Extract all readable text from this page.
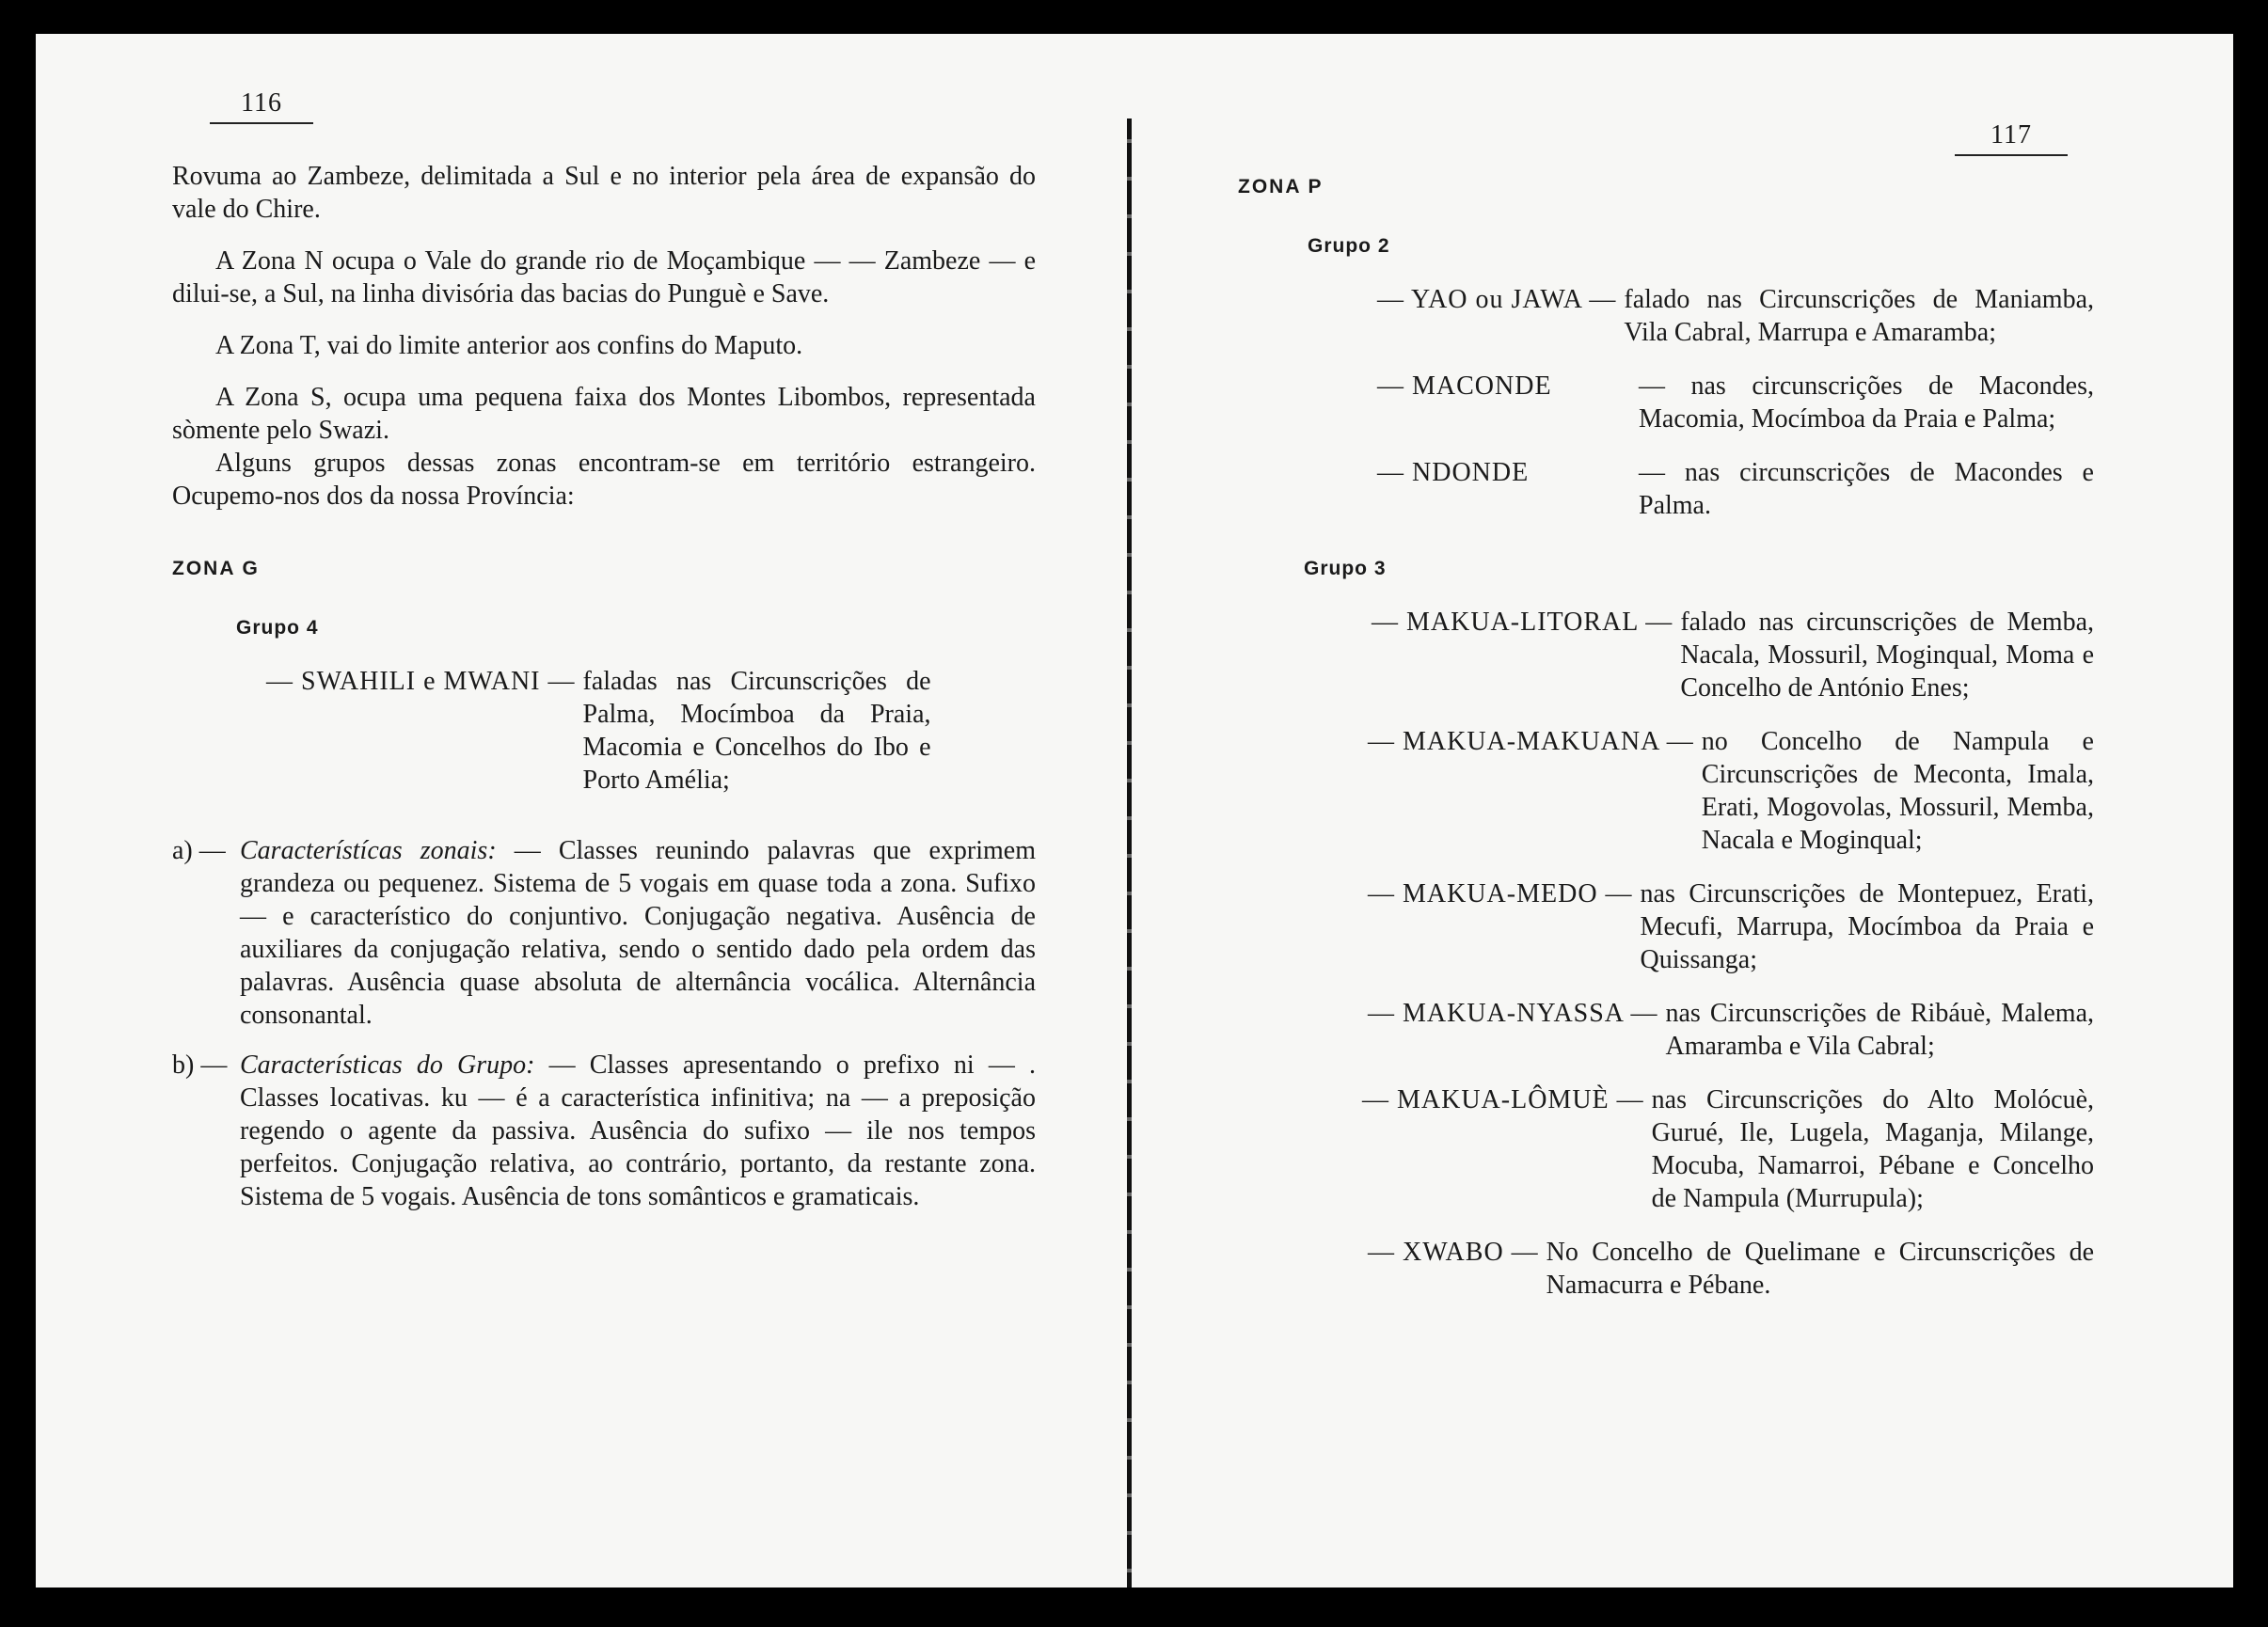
116
117
Rovuma ao Zambeze, delimitada a Sul e no interior pela área de expansão do vale do Chire.
A Zona N ocupa o Vale do grande rio de Moçambique — — Zambeze — e dilui-se, a Sul, na linha divisória das bacias do Punguè e Save.
A Zona T, vai do limite anterior aos confins do Maputo.
A Zona S, ocupa uma pequena faixa dos Montes Libombos, representada sòmente pelo Swazi.
Alguns grupos dessas zonas encontram-se em território estrangeiro. Ocupemo-nos dos da nossa Província:
ZONA G
Grupo 4
— SWAHILI e MWANI — faladas nas Circunscrições de Palma, Mocímboa da Praia, Macomia e Concelhos do Ibo e Porto Amélia;
a) — Característícas zonais: — Classes reunindo palavras que exprimem grandeza ou pequenez. Sistema de 5 vogais em quase toda a zona. Sufixo — e característico do conjuntivo. Conjugação negativa. Ausência de auxiliares da conjugação relativa, sendo o sentido dado pela ordem das palavras. Ausência quase absoluta de alternância vocálica. Alternância consonantal.
b) — Características do Grupo: — Classes apresentando o prefixo ni — . Classes locativas. ku — é a característica infinitiva; na — a preposição regendo o agente da passiva. Ausência do sufixo — ile nos tempos perfeitos. Conjugação relativa, ao contrário, portanto, da restante zona. Sistema de 5 vogais. Ausência de tons somânticos e gramaticais.
ZONA P
Grupo 2
— YAO ou JAWA — falado nas Circunscrições de Maniamba, Vila Cabral, Marrupa e Amaramba;
— MACONDE	— nas circunscrições de Macondes, Macomia, Mocímboa da Praia e Palma;
— NDONDE	— nas circunscrições de Macondes e Palma.
Grupo 3
— MAKUA-LITORAL — falado nas circunscrições de Memba, Nacala, Mossuril, Moginqual, Moma e Concelho de António Enes;
— MAKUA-MAKUANA — no Concelho de Nampula e Circunscrições de Meconta, Imala, Erati, Mogovolas, Mossuril, Memba, Nacala e Moginqual;
— MAKUA-MEDO — nas Circunscrições de Montepuez, Erati, Mecufi, Marrupa, Mocímboa da Praia e Quissanga;
— MAKUA-NYASSA — nas Circunscrições de Ribáuè, Malema, Amaramba e Vila Cabral;
— MAKUA-LÔMUÈ — nas Circunscrições do Alto Molócuè, Gurué, Ile, Lugela, Maganja, Milange, Mocuba, Namarroi, Pébane e Concelho de Nampula (Murrupula);
— XWABO — No Concelho de Quelimane e Circunscrições de Namacurra e Pébane.
